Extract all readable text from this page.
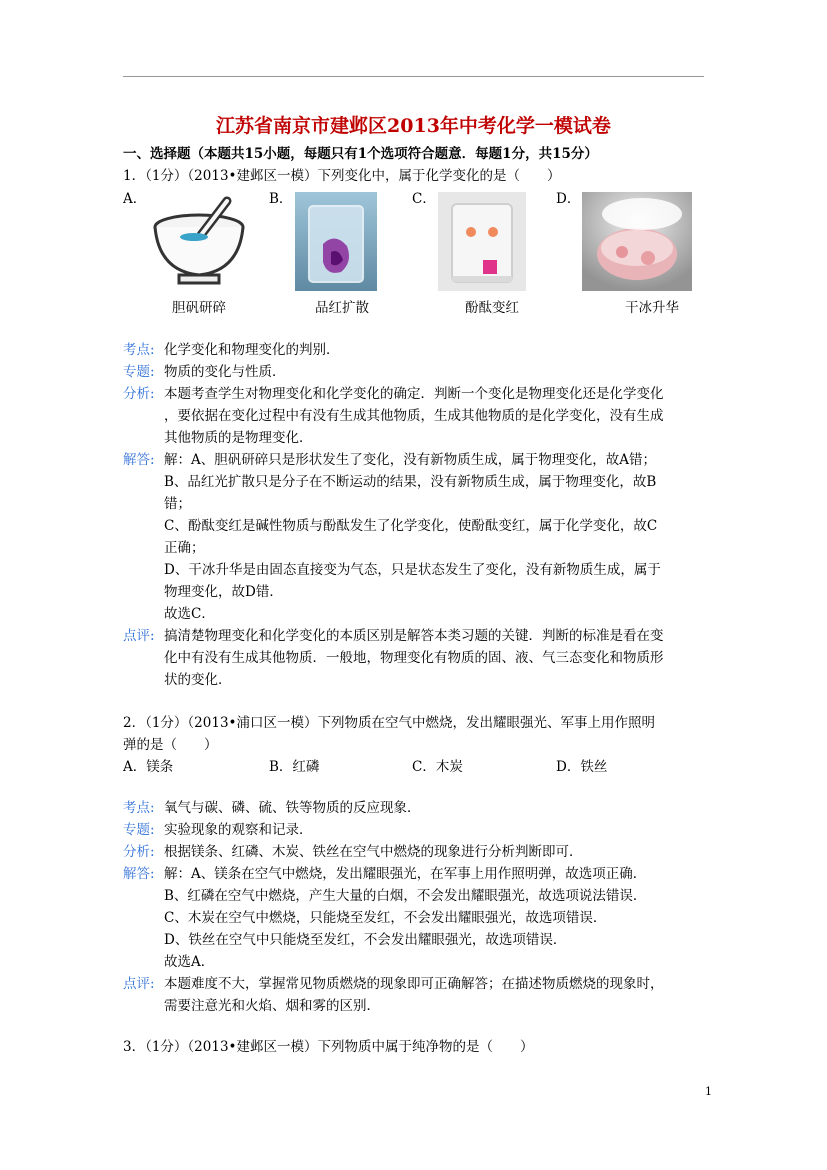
江苏省南京市建邺区2013年中考化学一模试卷
一、选择题（本题共15小题，每题只有1个选项符合题意．每题1分，共15分）
1．（1分）（2013•建邺区一模）下列变化中，属于化学变化的是（　　）
A．	B．	C．	D．
胆矾研碎	品红扩散	酚酞变红	干冰升华
考点: 化学变化和物理变化的判别．
专题: 物质的变化与性质．
分析: 本题考查学生对物理变化和化学变化的确定．判断一个变化是物理变化还是化学变化
，要依据在变化过程中有没有生成其他物质，生成其他物质的是化学变化，没有生成
其他物质的是物理变化．
解答: 解：A、胆矾研碎只是形状发生了变化，没有新物质生成，属于物理变化，故A错；
B、品红光扩散只是分子在不断运动的结果，没有新物质生成，属于物理变化，故B
错；
C、酚酞变红是碱性物质与酚酞发生了化学变化，使酚酞变红，属于化学变化，故C
正确；
D、干冰升华是由固态直接变为气态，只是状态发生了变化，没有新物质生成，属于
物理变化，故D错．
故选C．
点评: 搞清楚物理变化和化学变化的本质区别是解答本类习题的关键．判断的标准是看在变
化中有没有生成其他物质．一般地，物理变化有物质的固、液、气三态变化和物质形
状的变化．
2．（1分）（2013•浦口区一模）下列物质在空气中燃烧，发出耀眼强光、军事上用作照明
弹的是（　　）
A．镁条	B．红磷	C．木炭	D．铁丝
考点: 氧气与碳、磷、硫、铁等物质的反应现象．
专题: 实验现象的观察和记录．
分析: 根据镁条、红磷、木炭、铁丝在空气中燃烧的现象进行分析判断即可．
解答: 解：A、镁条在空气中燃烧，发出耀眼强光，在军事上用作照明弹，故选项正确．
B、红磷在空气中燃烧，产生大量的白烟，不会发出耀眼强光，故选项说法错误．
C、木炭在空气中燃烧，只能烧至发红，不会发出耀眼强光，故选项错误．
D、铁丝在空气中只能烧至发红，不会发出耀眼强光，故选项错误．
故选A．
点评: 本题难度不大，掌握常见物质燃烧的现象即可正确解答；在描述物质燃烧的现象时，
需要注意光和火焰、烟和雾的区别．
3．（1分）（2013•建邺区一模）下列物质中属于纯净物的是（　　）
1
